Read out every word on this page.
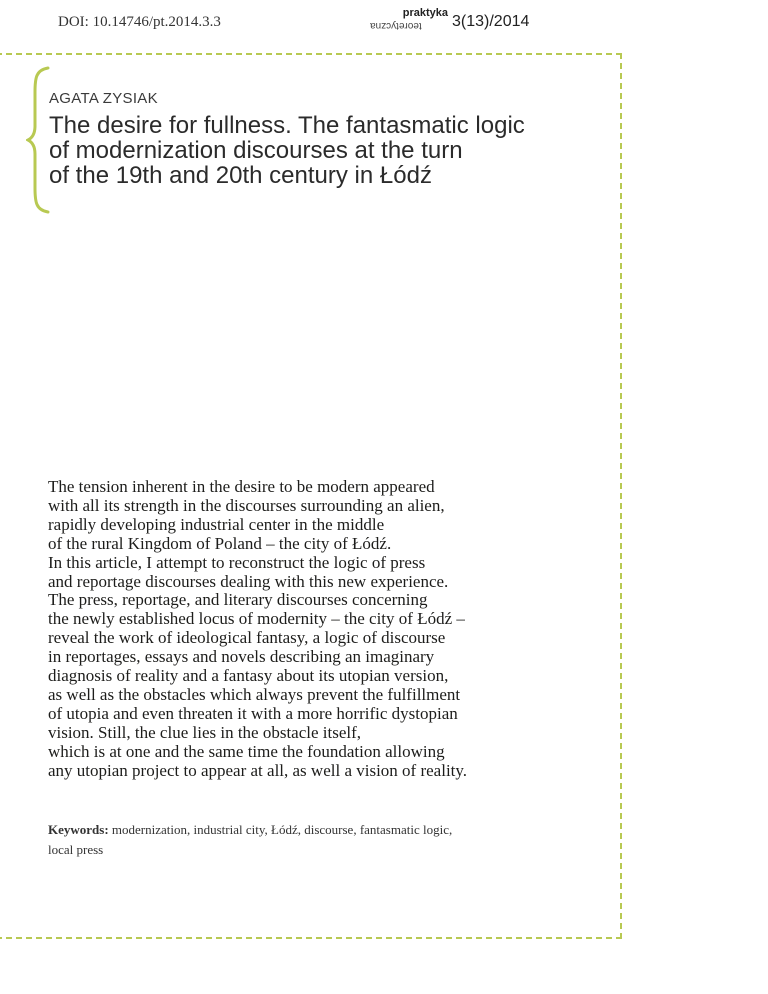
DOI: 10.14746/pt.2014.3.3
praktyka
teoretyczna	3(13)/2014
AGATA ZYSIAK
The desire for fullness. The fantasmatic logic
of modernization discourses at the turn
of the 19th and 20th century in Łódź
The tension inherent in the desire to be modern appeared
with all its strength in the discourses surrounding an alien,
rapidly developing industrial center in the middle
of the rural Kingdom of Poland – the city of Łódź.
In this article, I attempt to reconstruct the logic of press
and reportage discourses dealing with this new experience.
The press, reportage, and literary discourses concerning
the newly established locus of modernity – the city of Łódź –
reveal the work of ideological fantasy, a logic of discourse
in reportages, essays and novels describing an imaginary
diagnosis of reality and a fantasy about its utopian version,
as well as the obstacles which always prevent the fulfillment
of utopia and even threaten it with a more horrific dystopian
vision. Still, the clue lies in the obstacle itself,
which is at one and the same time the foundation allowing
any utopian project to appear at all, as well a vision of reality.
Keywords: modernization, industrial city, Łódź, discourse, fantasmatic logic,
local press
